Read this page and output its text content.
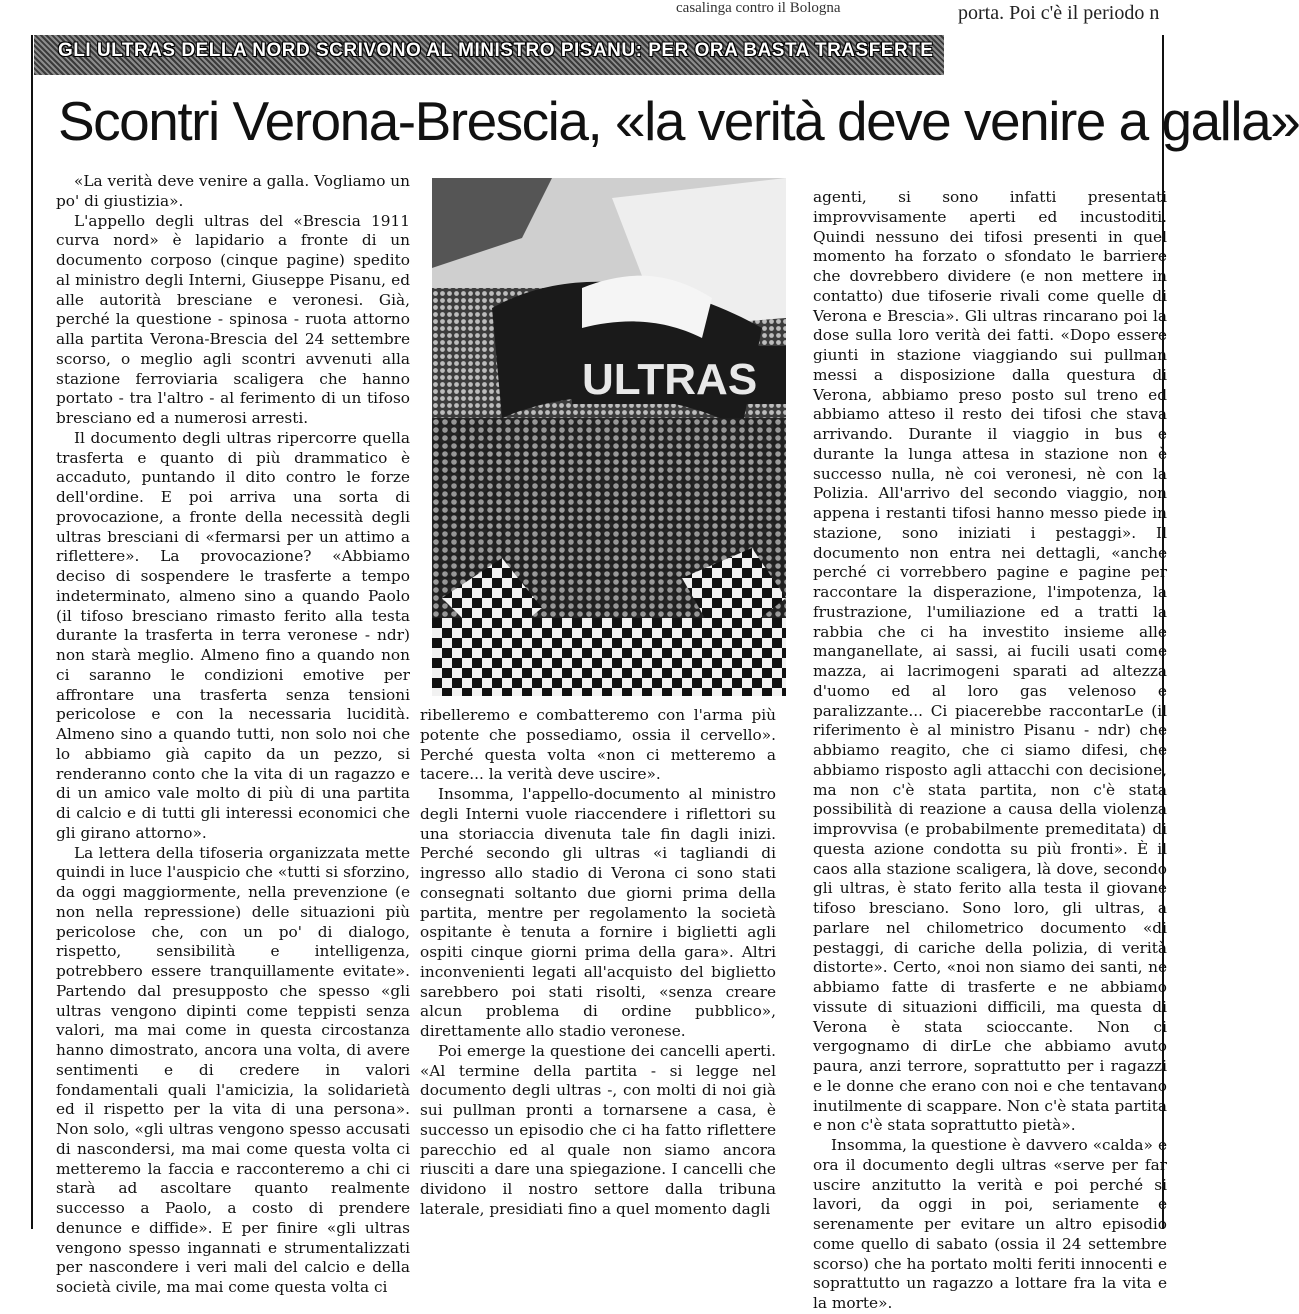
casalinga contro il Bologna	porta. Poi c'è il periodo n
GLI ULTRAS DELLA NORD SCRIVONO AL MINISTRO PISANU: PER ORA BASTA TRASFERTE
Scontri Verona-Brescia, «la verità deve venire a galla»

«La verità deve venire a galla. Vogliamo un po' di giustizia».

L'appello degli ultras del «Brescia 1911 curva nord» è lapidario a fronte di un documento corposo (cinque pagine) spedito al ministro degli Interni, Giuseppe Pisanu, ed alle autorità bresciane e veronesi. Già, perché la questione - spinosa - ruota attorno alla partita Verona-Brescia del 24 settembre scorso, o meglio agli scontri avvenuti alla stazione ferroviaria scaligera che hanno portato - tra l'altro - al ferimento di un tifoso bresciano ed a numerosi arresti.

Il documento degli ultras ripercorre quella trasferta e quanto di più drammatico è accaduto, puntando il dito contro le forze dell'ordine. E poi arriva una sorta di provocazione, a fronte della necessità degli ultras bresciani di «fermarsi per un attimo a riflettere». La provocazione? «Abbiamo deciso di sospendere le trasferte a tempo indeterminato, almeno sino a quando Paolo (il tifoso bresciano rimasto ferito alla testa durante la trasferta in terra veronese - ndr) non starà meglio. Almeno fino a quando non ci saranno le condizioni emotive per affrontare una trasferta senza tensioni pericolose e con la necessaria lucidità. Almeno sino a quando tutti, non solo noi che lo abbiamo già capito da un pezzo, si renderanno conto che la vita di un ragazzo e di un amico vale molto di più di una partita di calcio e di tutti gli interessi economici che gli girano attorno».

La lettera della tifoseria organizzata mette quindi in luce l'auspicio che «tutti si sforzino, da oggi maggiormente, nella prevenzione (e non nella repressione) delle situazioni più pericolose che, con un po' di dialogo, rispetto, sensibilità e intelligenza, potrebbero essere tranquillamente evitate». Partendo dal presupposto che spesso «gli ultras vengono dipinti come teppisti senza valori, ma mai come in questa circostanza hanno dimostrato, ancora una volta, di avere sentimenti e di credere in valori fondamentali quali l'amicizia, la solidarietà ed il rispetto per la vita di una persona». Non solo, «gli ultras vengono spesso accusati di nascondersi, ma mai come questa volta ci metteremo la faccia e racconteremo a chi ci starà ad ascoltare quanto realmente successo a Paolo, a costo di prendere denunce e diffide». E per finire «gli ultras vengono spesso ingannati e strumentalizzati per nascondere i veri mali del calcio e della società civile, ma mai come questa volta ci

ULTRAS

ribelleremo e combatteremo con l'arma più potente che possediamo, ossia il cervello». Perché questa volta «non ci metteremo a tacere... la verità deve uscire».

Insomma, l'appello-documento al ministro degli Interni vuole riaccendere i riflettori su una storiaccia divenuta tale fin dagli inizi. Perché secondo gli ultras «i tagliandi di ingresso allo stadio di Verona ci sono stati consegnati soltanto due giorni prima della partita, mentre per regolamento la società ospitante è tenuta a fornire i biglietti agli ospiti cinque giorni prima della gara». Altri inconvenienti legati all'acquisto del biglietto sarebbero poi stati risolti, «senza creare alcun problema di ordine pubblico», direttamente allo stadio veronese.

Poi emerge la questione dei cancelli aperti. «Al termine della partita - si legge nel documento degli ultras -, con molti di noi già sui pullman pronti a tornarsene a casa, è successo un episodio che ci ha fatto riflettere parecchio ed al quale non siamo ancora riusciti a dare una spiegazione. I cancelli che dividono il nostro settore dalla tribuna laterale, presidiati fino a quel momento dagli

agenti, si sono infatti presentati improvvisamente aperti ed incustoditi. Quindi nessuno dei tifosi presenti in quel momento ha forzato o sfondato le barriere che dovrebbero dividere (e non mettere in contatto) due tifoserie rivali come quelle di Verona e Brescia». Gli ultras rincarano poi la dose sulla loro verità dei fatti. «Dopo essere giunti in stazione viaggiando sui pullman messi a disposizione dalla questura di Verona, abbiamo preso posto sul treno ed abbiamo atteso il resto dei tifosi che stava arrivando. Durante il viaggio in bus e durante la lunga attesa in stazione non è successo nulla, nè coi veronesi, nè con la Polizia. All'arrivo del secondo viaggio, non appena i restanti tifosi hanno messo piede in stazione, sono iniziati i pestaggi». Il documento non entra nei dettagli, «anche perché ci vorrebbero pagine e pagine per raccontare la disperazione, l'impotenza, la frustrazione, l'umiliazione ed a tratti la rabbia che ci ha investito insieme alle manganellate, ai sassi, ai fucili usati come mazza, ai lacrimogeni sparati ad altezza d'uomo ed al loro gas velenoso e paralizzante... Ci piacerebbe raccontarLe (il riferimento è al ministro Pisanu - ndr) che abbiamo reagito, che ci siamo difesi, che abbiamo risposto agli attacchi con decisione, ma non c'è stata partita, non c'è stata possibilità di reazione a causa della violenza improvvisa (e probabilmente premeditata) di questa azione condotta su più fronti». È il caos alla stazione scaligera, là dove, secondo gli ultras, è stato ferito alla testa il giovane tifoso bresciano. Sono loro, gli ultras, a parlare nel chilometrico documento «di pestaggi, di cariche della polizia, di verità distorte». Certo, «noi non siamo dei santi, ne abbiamo fatte di trasferte e ne abbiamo vissute di situazioni difficili, ma questa di Verona è stata scioccante. Non ci vergognamo di dirLe che abbiamo avuto paura, anzi terrore, soprattutto per i ragazzi e le donne che erano con noi e che tentavano inutilmente di scappare. Non c'è stata partita e non c'è stata soprattutto pietà».

Insomma, la questione è davvero «calda» e ora il documento degli ultras «serve per far uscire anzitutto la verità e poi perché si lavori, da oggi in poi, seriamente e serenamente per evitare un altro episodio come quello di sabato (ossia il 24 settembre scorso) che ha portato molti feriti innocenti e soprattutto un ragazzo a lottare fra la vita e la morte».
